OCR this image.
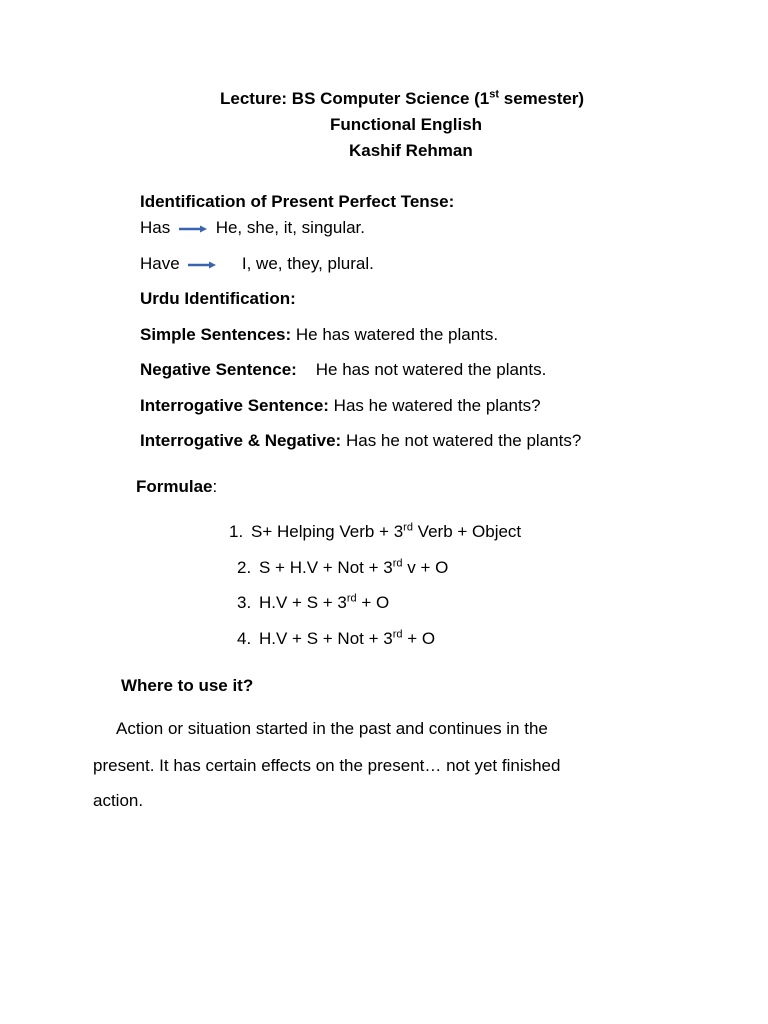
Lecture: BS Computer Science (1st semester)
Functional English
Kashif Rehman
Identification of Present Perfect Tense:
Has	He, she, it, singular.
Have	I, we, they, plural.
Urdu Identification:
Simple Sentences: He has watered the plants.
Negative Sentence:    He has not watered the plants.
Interrogative Sentence: Has he watered the plants?
Interrogative & Negative: Has he not watered the plants?
Formulae:
1. S+ Helping Verb + 3rd Verb + Object
2. S + H.V + Not + 3rd v + O
3. H.V + S + 3rd + O
4. H.V + S + Not + 3rd + O
Where to use it?
Action or situation started in the past and continues in the
present. It has certain effects on the present… not yet finished
action.
